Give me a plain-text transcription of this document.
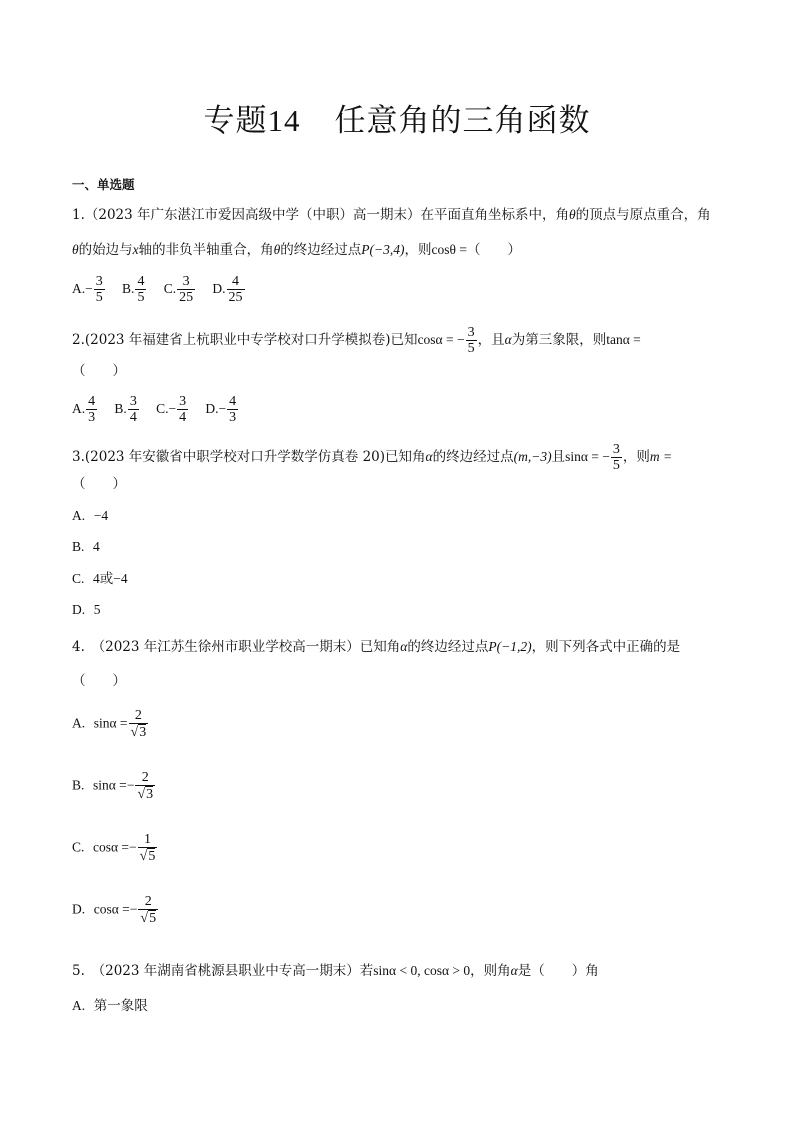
专题14 任意角的三角函数
一、单选题
1.（2023 年广东湛江市爱因高级中学（中职）高一期末）在平面直角坐标系中，角θ的顶点与原点重合，角
θ的始边与x轴的非负半轴重合，角θ的终边经过点P(−3,4)，则cosθ =（　　）
$A.- \frac{3}{5} B$. $\frac{4}{5} C$. $\frac{3}{25} D$. $\frac{4}{25}$
2.(2023 年福建省上杭职业中专学校对口升学模拟卷)已知cosα = − $\frac{3}{5}$ ，且α为第三象限，则tanα =
（　　）
A. $\frac{4}{3} B$. $\frac{3}{4} C.- \frac{3}{4} D.- \frac{4}{3}$
3.(2023 年安徽省中职学校对口升学数学仿真卷 20)已知角α的终边经过点(m,−3)且sinα = − $\frac{3}{5}$ ，则m =
（　　）
A. −4
B. 4
C. 4或−4
D. 5
4.　（2023 年江苏生徐州市职业学校高一期末）已知角α的终边经过点P(−1,2)，则下列各式中正确的是
（　　）
A. $\sin\alpha = \frac{2}{√3}$
B. $\sin\alpha =- \frac{2}{√3}$
C. $\cos\alpha =- \frac{1}{√5}$
D. $\cos\alpha =- \frac{2}{√5}$
5.　（2023 年湖南省桃源县职业中专高一期末）若sinα < 0, cosα > 0，则角α是（　　）角
A. 第一象限
